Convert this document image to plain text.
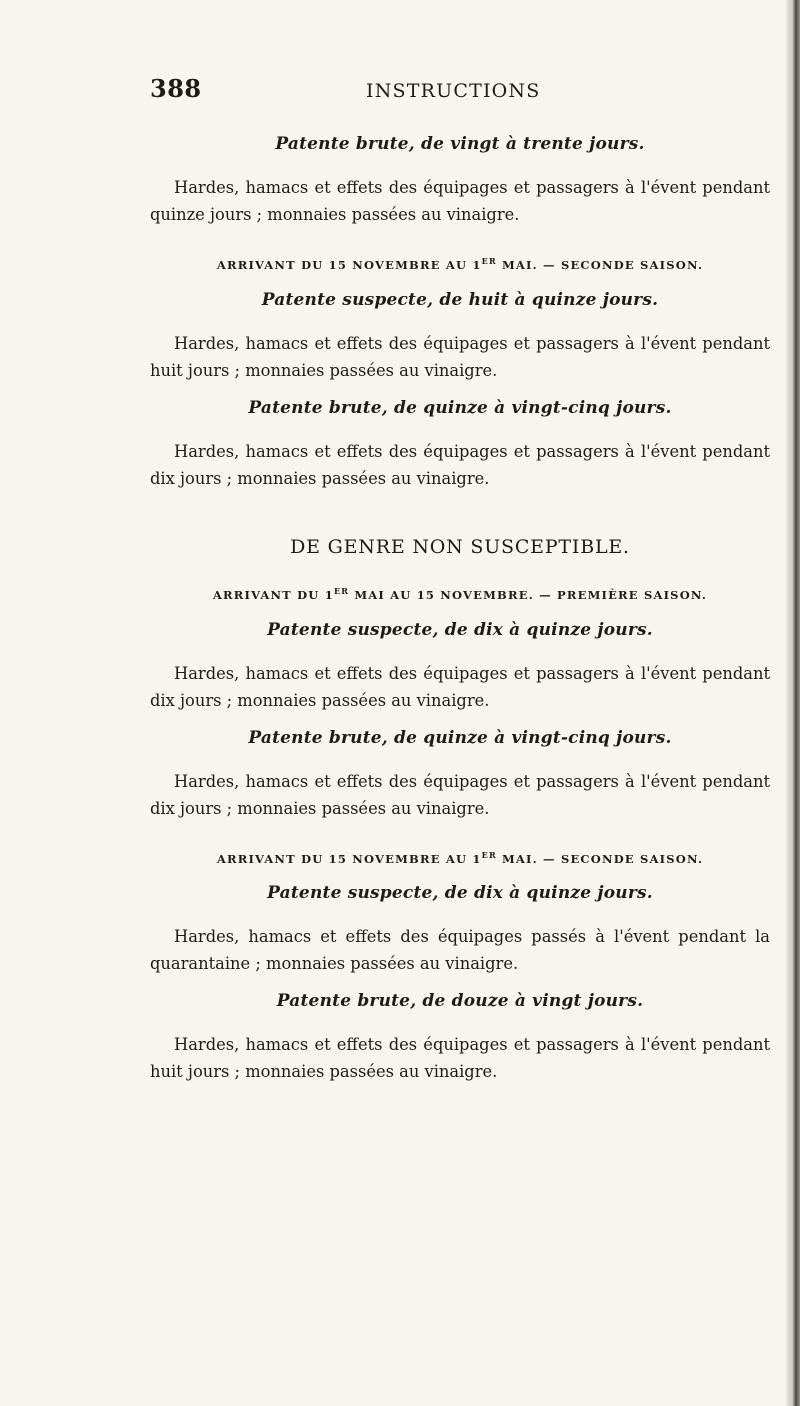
388	INSTRUCTIONS
Patente brute, de vingt à trente jours.

Hardes, hamacs et effets des équipages et passagers à l'évent pendant quinze jours ; monnaies passées au vinaigre.

ARRIVANT DU 15 NOVEMBRE AU 1ER MAI. — SECONDE SAISON.
Patente suspecte, de huit à quinze jours.

Hardes, hamacs et effets des équipages et passagers à l'évent pendant huit jours ; monnaies passées au vinaigre.

Patente brute, de quinze à vingt-cinq jours.

Hardes, hamacs et effets des équipages et passagers à l'évent pendant dix jours ; monnaies passées au vinaigre.

DE GENRE NON SUSCEPTIBLE.
ARRIVANT DU 1ER MAI AU 15 NOVEMBRE. — PREMIÈRE SAISON.
Patente suspecte, de dix à quinze jours.

Hardes, hamacs et effets des équipages et passagers à l'évent pendant dix jours ; monnaies passées au vinaigre.

Patente brute, de quinze à vingt-cinq jours.

Hardes, hamacs et effets des équipages et passagers à l'évent pendant dix jours ; monnaies passées au vinaigre.

ARRIVANT DU 15 NOVEMBRE AU 1ER MAI. — SECONDE SAISON.
Patente suspecte, de dix à quinze jours.

Hardes, hamacs et effets des équipages passés à l'évent pendant la quarantaine ; monnaies passées au vinaigre.

Patente brute, de douze à vingt jours.

Hardes, hamacs et effets des équipages et passagers à l'évent pendant huit jours ; monnaies passées au vinaigre.
